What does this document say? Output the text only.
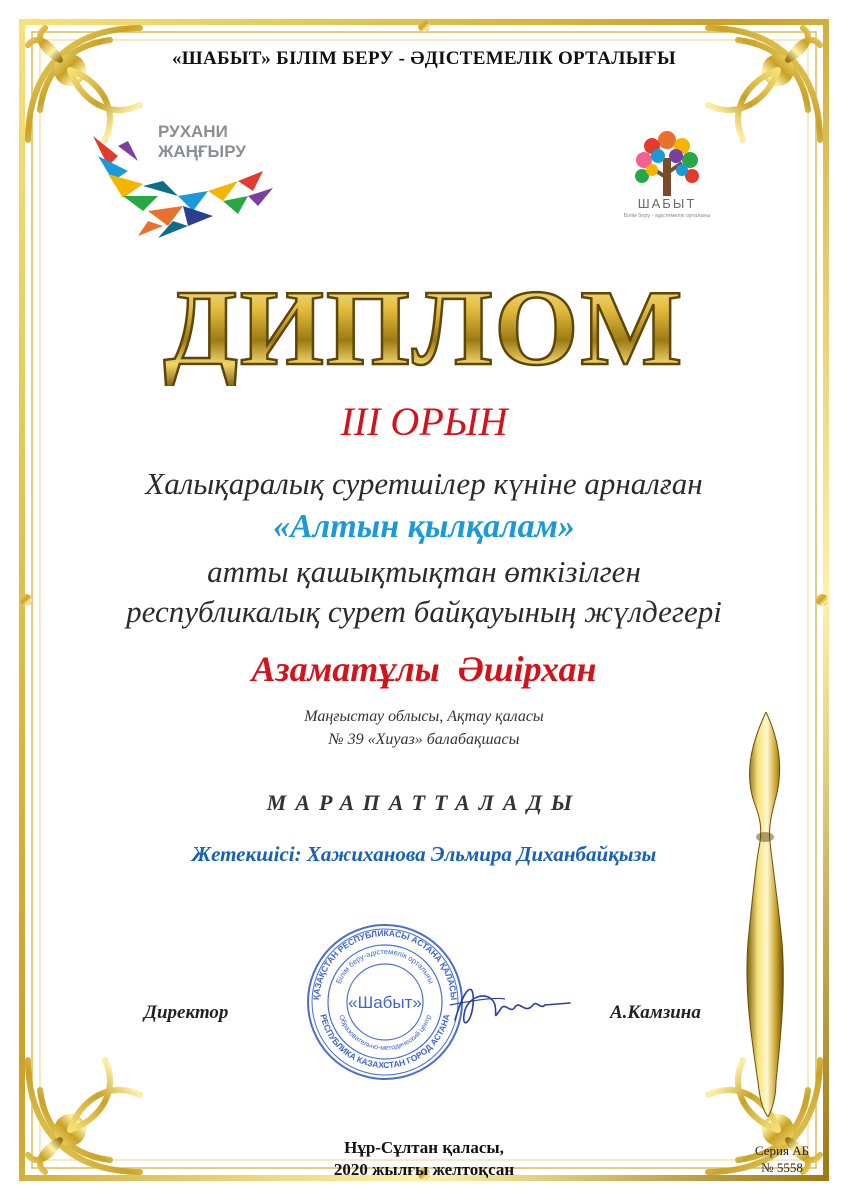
«ШАБЫТ» БІЛІМ БЕРУ - ӘДІСТЕМЕЛІК ОРТАЛЫҒЫ
РУХАНИ
ЖАҢҒЫРУ
ШАБЫТ
Білім беру - әдістемелік орталығы
ДИПЛОМ
III ОРЫН
Халықаралық суретшілер күніне арналған
«Алтын қылқалам»
атты қашықтықтан өткізілген
республикалық сурет байқауының жүлдегері
Азаматұлы  Әшірхан
Маңғыстау облысы, Ақтау қаласы
№ 39 «Хиуаз» балабақшасы
МАРАПАТТАЛАДЫ
Жетекшісі: Хажиханова Эльмира Диханбайқызы
Директор	А.Камзина
ҚАЗАҚСТАН РЕСПУБЛИКАСЫ АСТАНА ҚАЛАСЫ
РЕСПУБЛИКА КАЗАХСТАН ГОРОД АСТАНА
Білім беру-әдістемелік орталығы
Образовательно-методический центр
«Шабыт»
Нұр-Сұлтан қаласы,
2020 жылғы желтоқсан
Серия АБ
№ 5558
